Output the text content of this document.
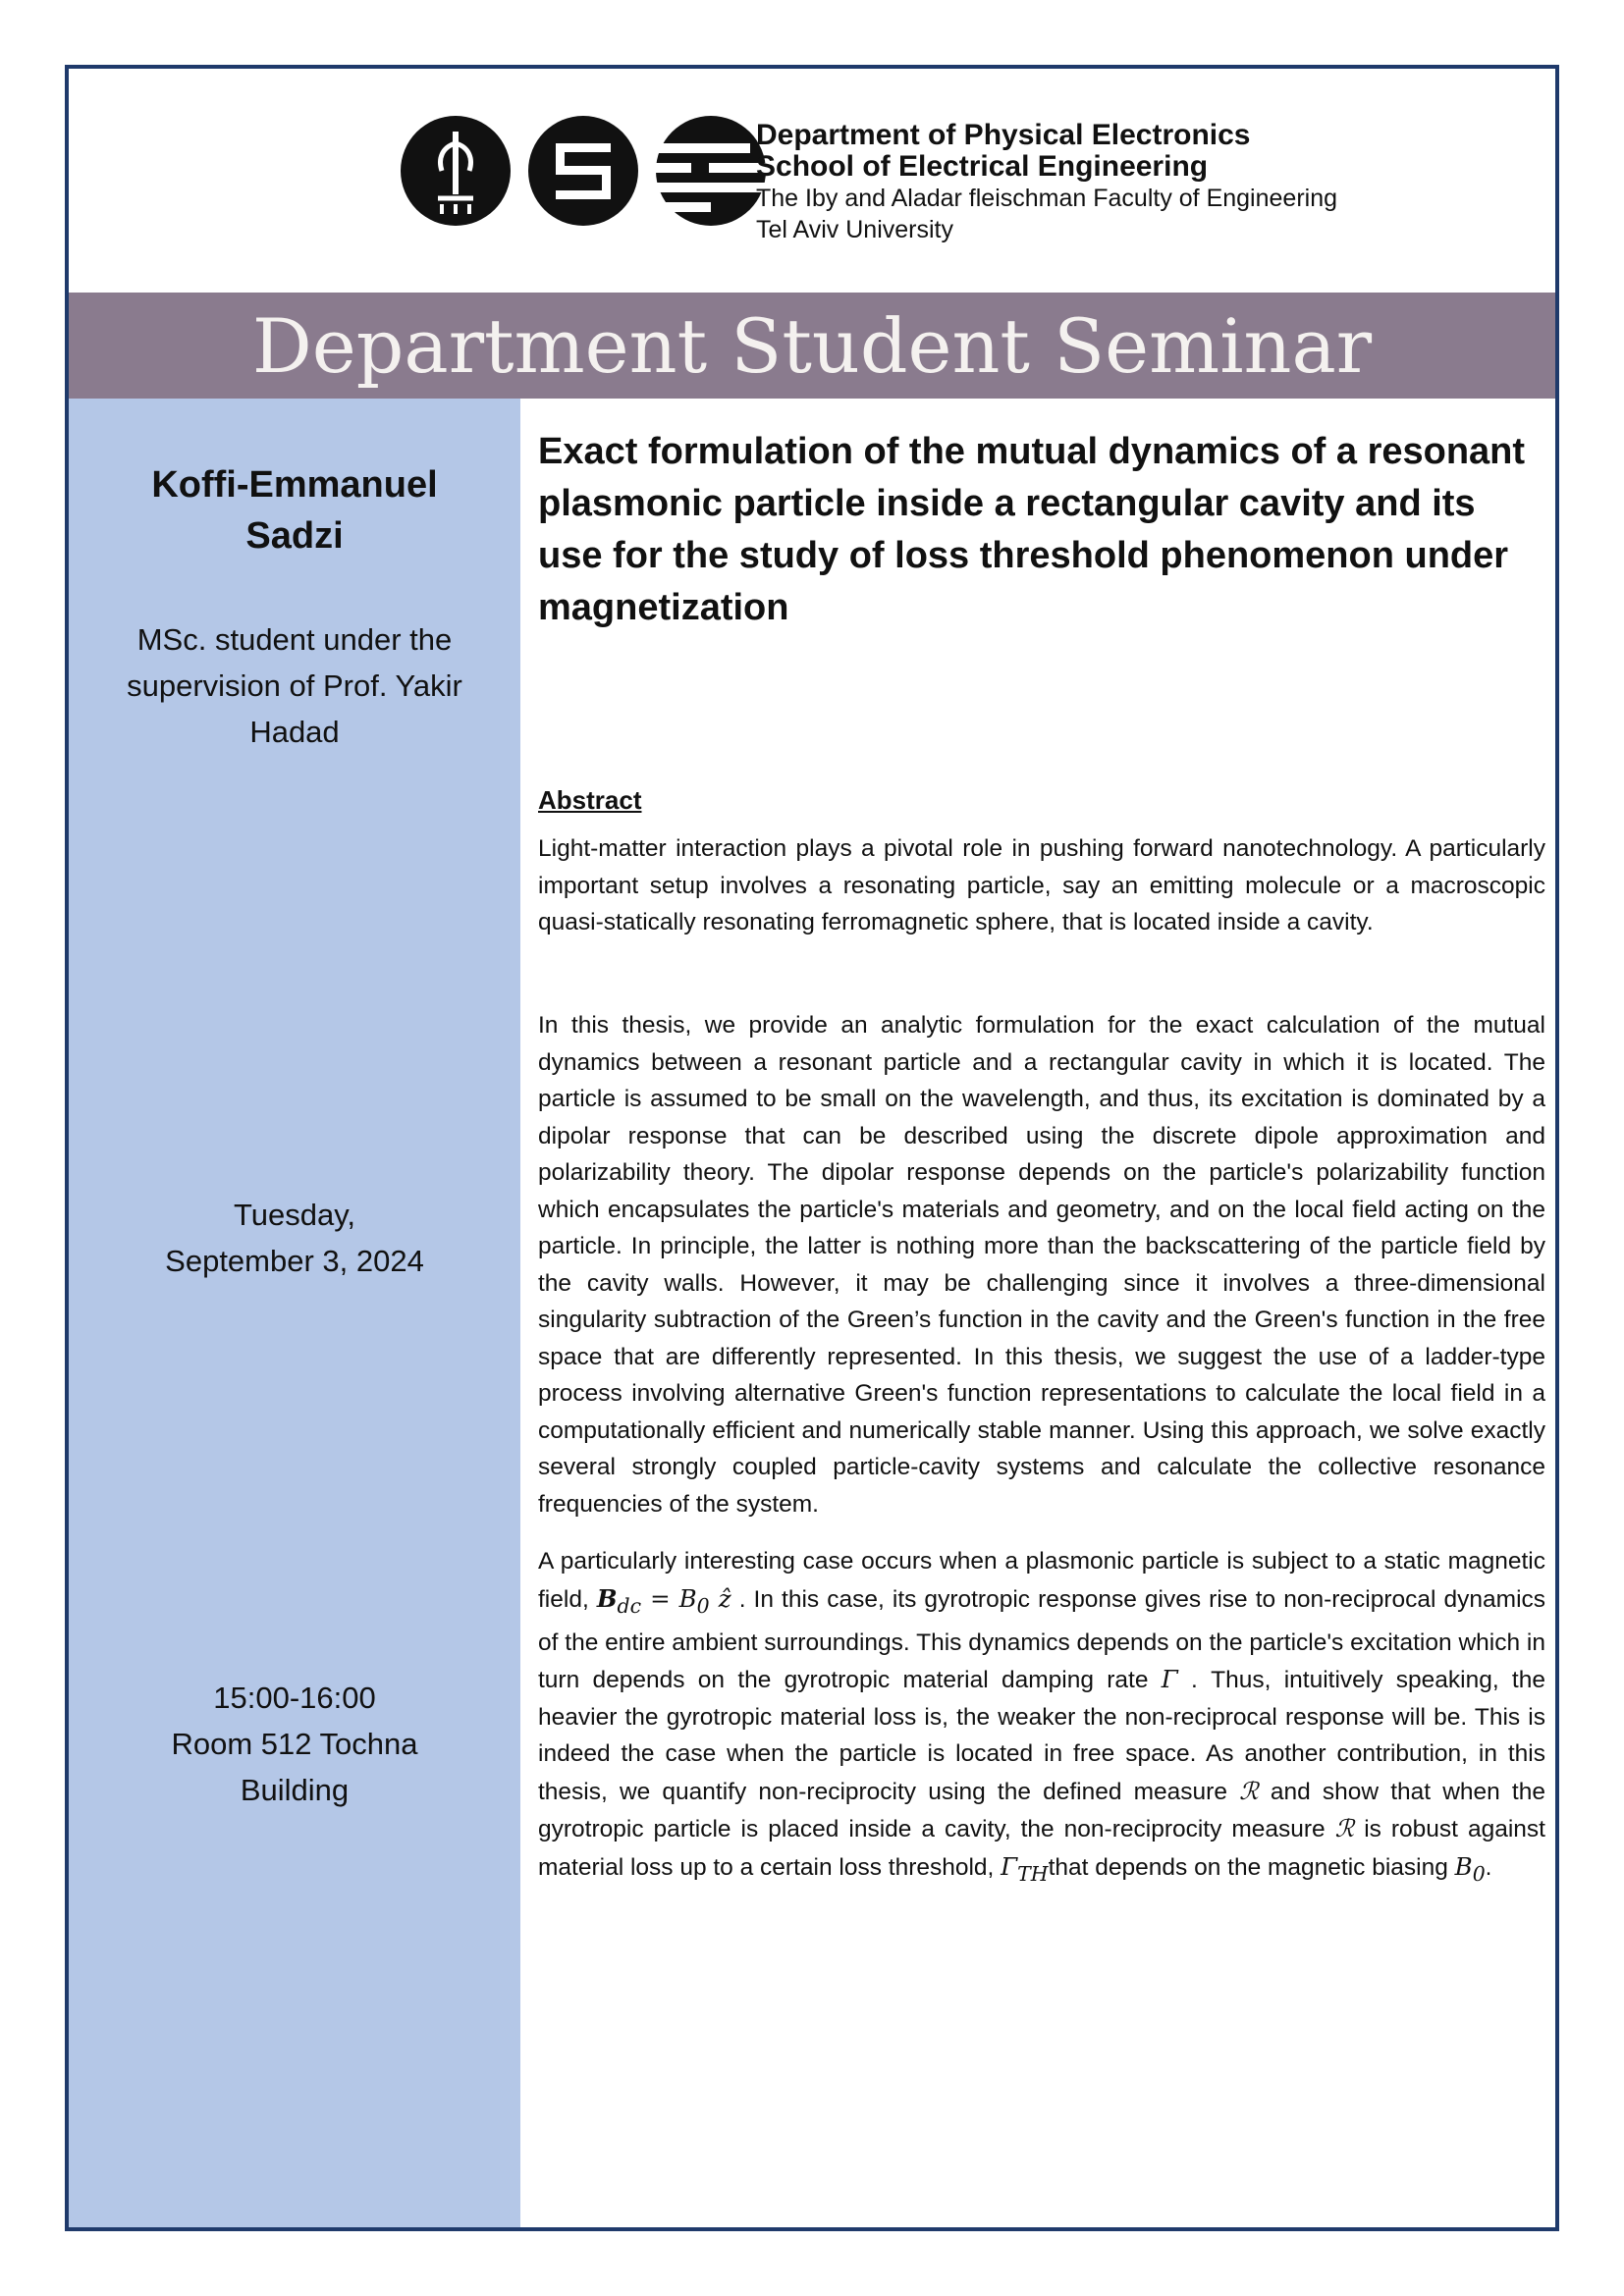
Department of Physical Electronics
School of Electrical Engineering
The Iby and Aladar fleischman Faculty of Engineering
Tel Aviv University
Department Student Seminar
Koffi-Emmanuel
Sadzi
MSc. student under the supervision of Prof. Yakir Hadad
Tuesday,
September 3, 2024
15:00-16:00
Room 512 Tochna
Building
Exact formulation of the mutual dynamics of a resonant plasmonic particle inside a rectangular cavity and its use for the study of loss threshold phenomenon under magnetization
Abstract

Light-matter interaction plays a pivotal role in pushing forward nanotechnology. A particularly important setup involves a resonating particle, say an emitting molecule or a macroscopic quasi-statically resonating ferromagnetic sphere, that is located inside a cavity.

In this thesis, we provide an analytic formulation for the exact calculation of the mutual dynamics between a resonant particle and a rectangular cavity in which it is located. The particle is assumed to be small on the wavelength, and thus, its excitation is dominated by a dipolar response that can be described using the discrete dipole approximation and polarizability theory. The dipolar response depends on the particle's polarizability function which encapsulates the particle's materials and geometry, and on the local field acting on the particle. In principle, the latter is nothing more than the backscattering of the particle field by the cavity walls. However, it may be challenging since it involves a three-dimensional singularity subtraction of the Green’s function in the cavity and the Green's function in the free space that are differently represented. In this thesis, we suggest the use of a ladder-type process involving alternative Green's function representations to calculate the local field in a computationally efficient and numerically stable manner. Using this approach, we solve exactly several strongly coupled particle-cavity systems and calculate the collective resonance frequencies of the system.

A particularly interesting case occurs when a plasmonic particle is subject to a static magnetic field, $B_{dc} = B_0$ ẑ . In this case, its gyrotropic response gives rise to non-reciprocal dynamics of the entire ambient surroundings. This dynamics depends on the particle's excitation which in turn depends on the gyrotropic material damping rate Γ . Thus, intuitively speaking, the heavier the gyrotropic material loss is, the weaker the non-reciprocal response will be. This is indeed the case when the particle is located in free space. As another contribution, in this thesis, we quantify non-reciprocity using the defined measure ℛ and show that when the gyrotropic particle is placed inside a cavity, the non-reciprocity measure ℛ is robust against material loss up to a certain loss threshold, $\Gamma_{TH}that$ depends on the magnetic biasing $B_0$.
